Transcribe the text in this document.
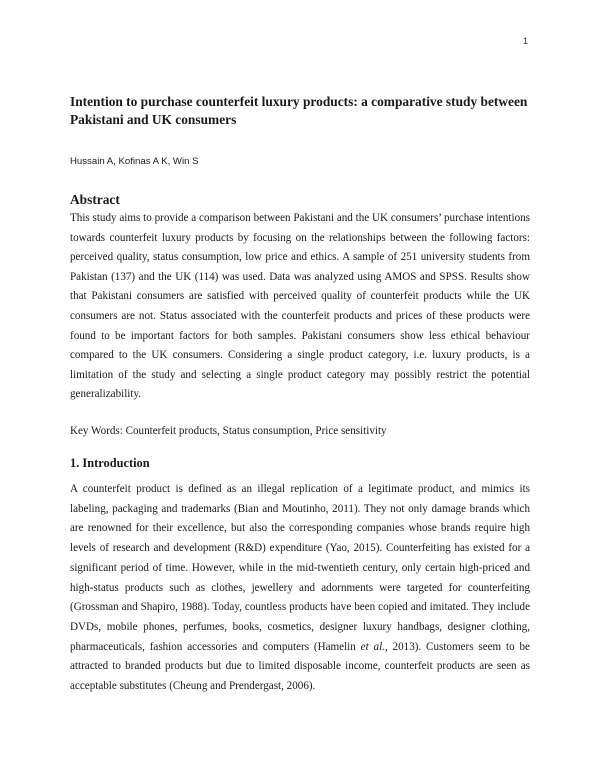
1
Intention to purchase counterfeit luxury products: a comparative study between Pakistani and UK consumers
Hussain A, Kofinas A K, Win S
Abstract

This study aims to provide a comparison between Pakistani and the UK consumers’ purchase intentions towards counterfeit luxury products by focusing on the relationships between the following factors: perceived quality, status consumption, low price and ethics. A sample of 251 university students from Pakistan (137) and the UK (114) was used. Data was analyzed using AMOS and SPSS. Results show that Pakistani consumers are satisfied with perceived quality of counterfeit products while the UK consumers are not. Status associated with the counterfeit products and prices of these products were found to be important factors for both samples. Pakistani consumers show less ethical behaviour compared to the UK consumers. Considering a single product category, i.e. luxury products, is a limitation of the study and selecting a single product category may possibly restrict the potential generalizability.

Key Words: Counterfeit products, Status consumption, Price sensitivity
1. Introduction

A counterfeit product is defined as an illegal replication of a legitimate product, and mimics its labeling, packaging and trademarks (Bian and Moutinho, 2011). They not only damage brands which are renowned for their excellence, but also the corresponding companies whose brands require high levels of research and development (R&D) expenditure (Yao, 2015). Counterfeiting has existed for a significant period of time. However, while in the mid-twentieth century, only certain high-priced and high-status products such as clothes, jewellery and adornments were targeted for counterfeiting (Grossman and Shapiro, 1988). Today, countless products have been copied and imitated. They include DVDs, mobile phones, perfumes, books, cosmetics, designer luxury handbags, designer clothing, pharmaceuticals, fashion accessories and computers (Hamelin et al., 2013). Customers seem to be attracted to branded products but due to limited disposable income, counterfeit products are seen as acceptable substitutes (Cheung and Prendergast, 2006).
